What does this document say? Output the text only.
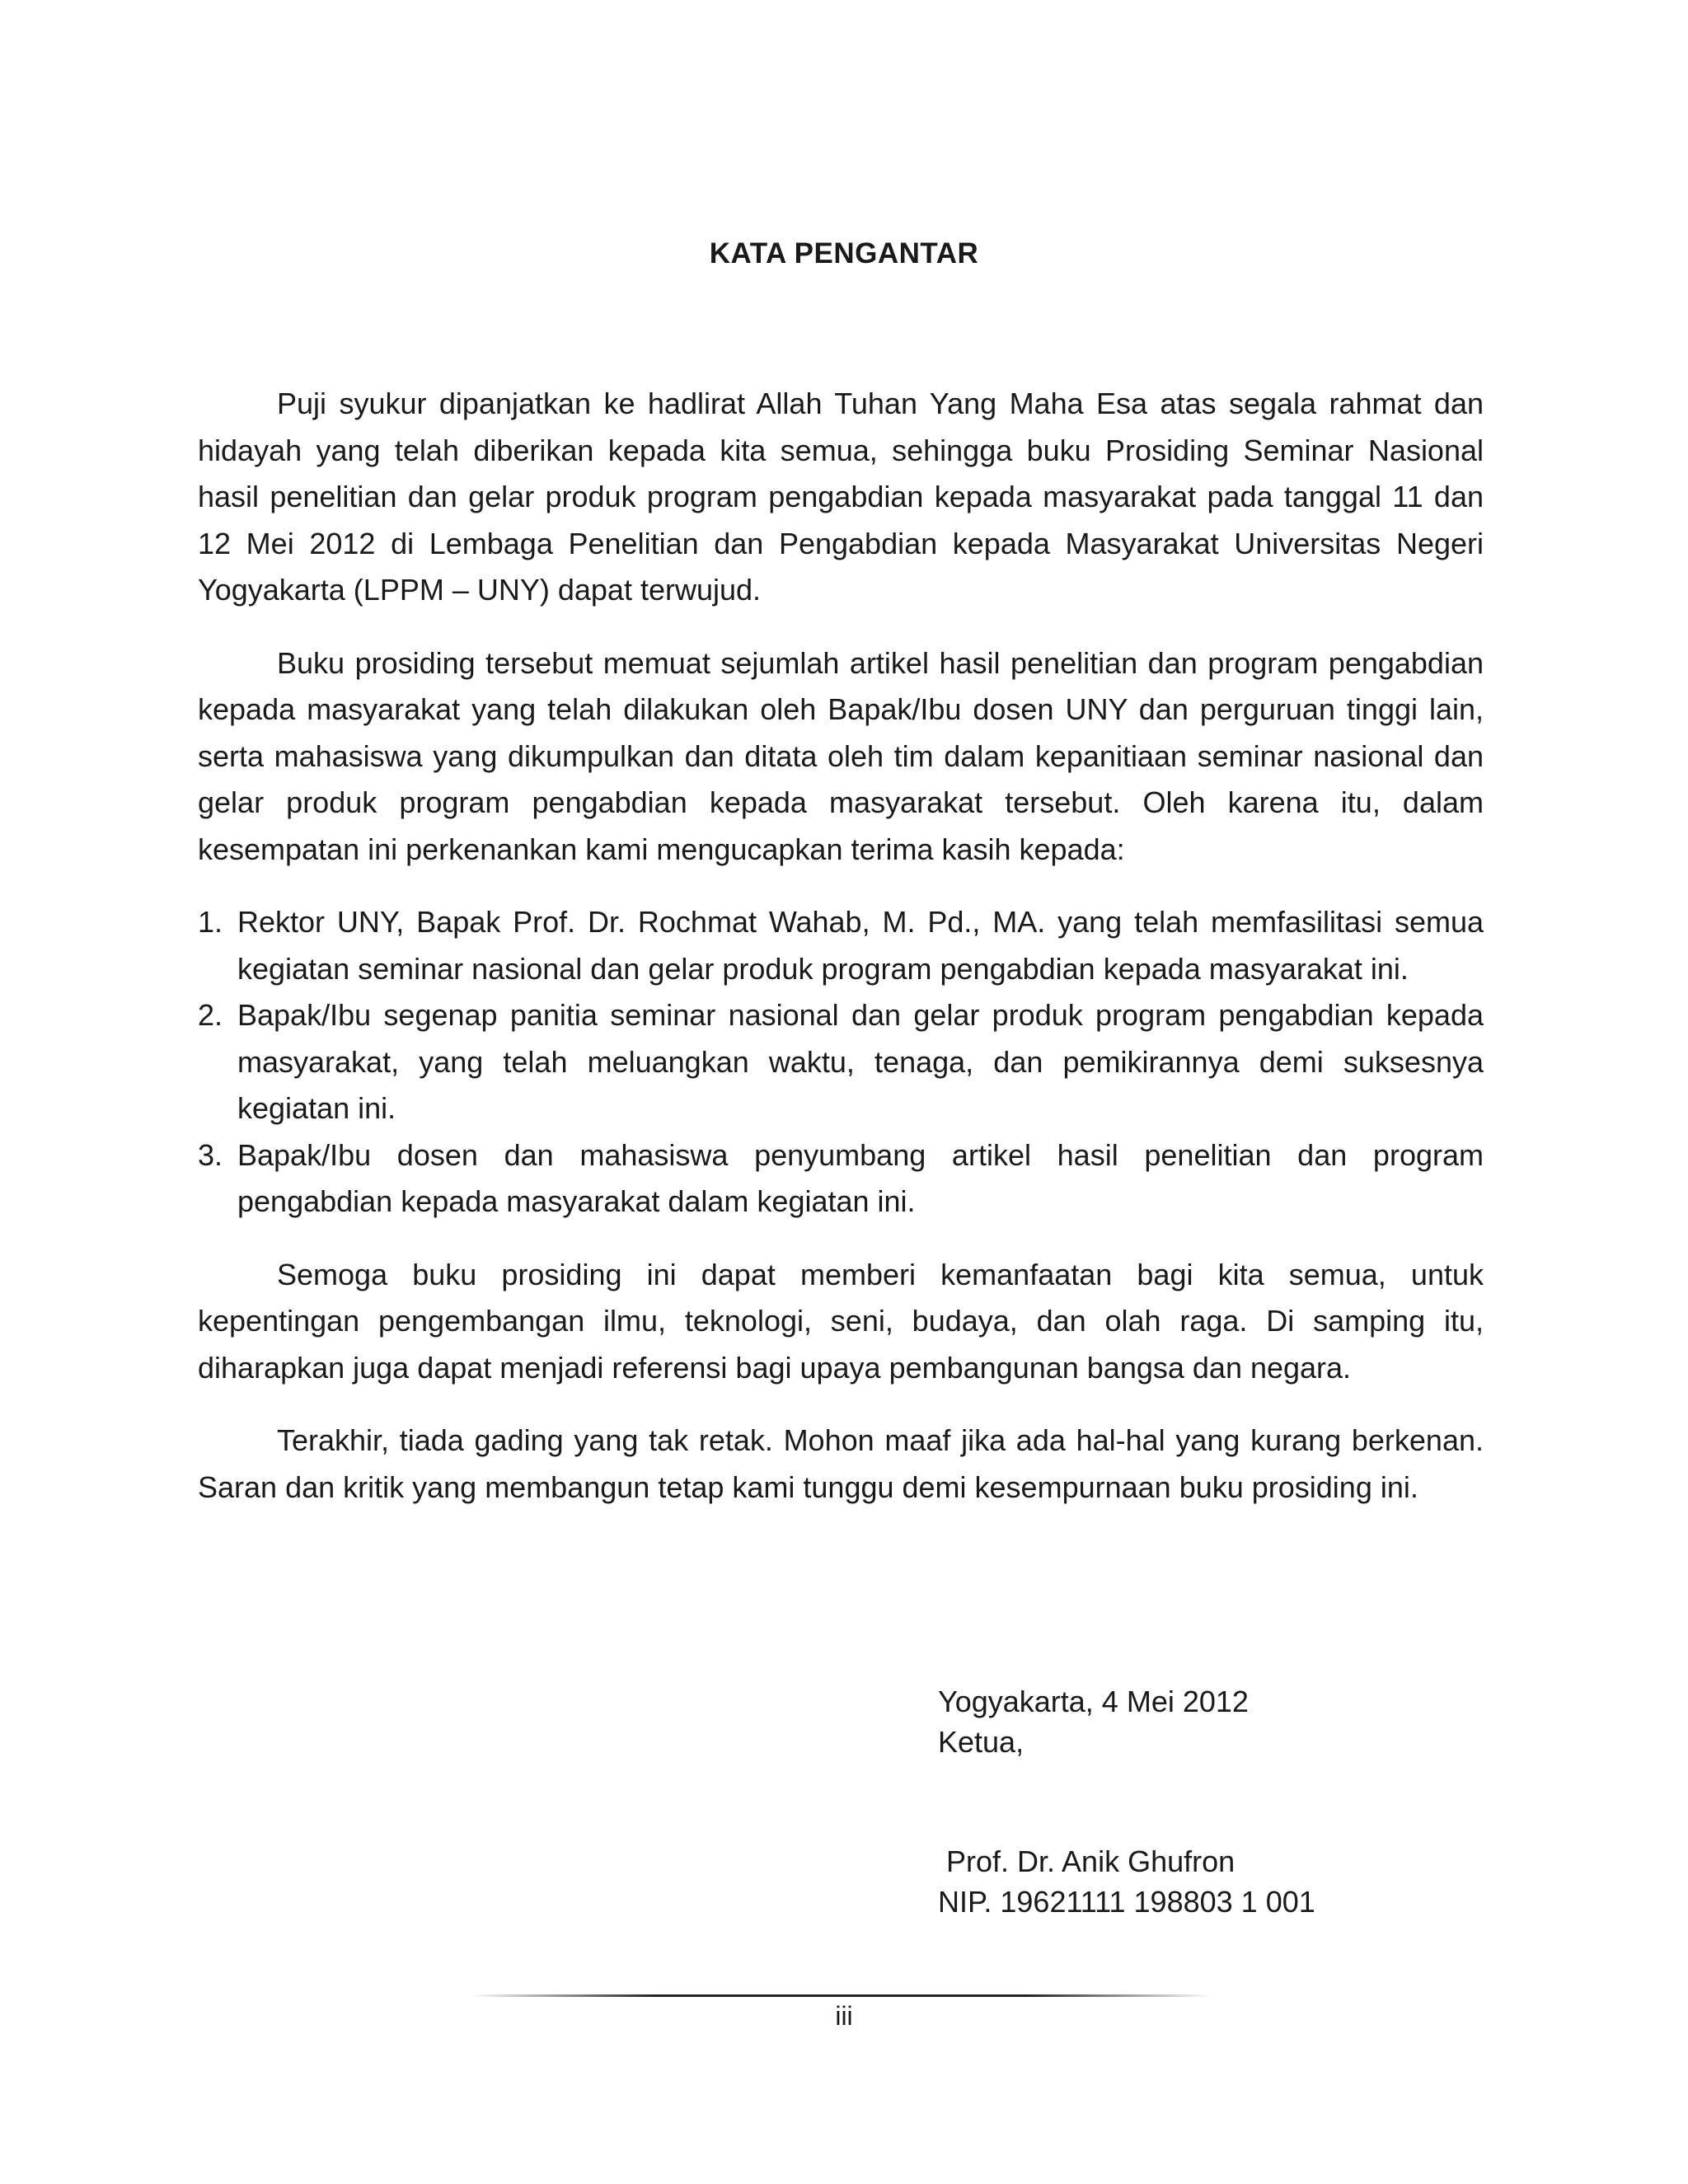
KATA PENGANTAR

Puji syukur dipanjatkan ke hadlirat Allah Tuhan Yang Maha Esa atas segala rahmat dan hidayah yang telah diberikan kepada kita semua, sehingga buku Prosiding Seminar Nasional hasil penelitian dan gelar produk program pengabdian kepada masyarakat pada tanggal 11 dan 12 Mei 2012 di Lembaga Penelitian dan Pengabdian kepada Masyarakat Universitas Negeri Yogyakarta (LPPM – UNY) dapat terwujud.

Buku prosiding tersebut memuat sejumlah artikel hasil penelitian dan program pengabdian kepada masyarakat yang telah dilakukan oleh Bapak/Ibu dosen UNY dan perguruan tinggi lain, serta mahasiswa yang dikumpulkan dan ditata oleh tim dalam kepanitiaan seminar nasional dan gelar produk program pengabdian kepada masyarakat tersebut. Oleh karena itu, dalam kesempatan ini perkenankan kami mengucapkan terima kasih kepada:

1. Rektor UNY, Bapak Prof. Dr. Rochmat Wahab, M. Pd., MA. yang telah memfasilitasi semua kegiatan seminar nasional dan gelar produk program pengabdian kepada masyarakat ini.
2. Bapak/Ibu segenap panitia seminar nasional dan gelar produk program pengabdian kepada masyarakat, yang telah meluangkan waktu, tenaga, dan pemikirannya demi suksesnya kegiatan ini.
3. Bapak/Ibu dosen dan mahasiswa penyumbang artikel hasil penelitian dan program pengabdian kepada masyarakat dalam kegiatan ini.

Semoga buku prosiding ini dapat memberi kemanfaatan bagi kita semua, untuk kepentingan pengembangan ilmu, teknologi, seni, budaya, dan olah raga. Di samping itu, diharapkan juga dapat menjadi referensi bagi upaya pembangunan bangsa dan negara.

Terakhir, tiada gading yang tak retak. Mohon maaf jika ada hal-hal yang kurang berkenan. Saran dan kritik yang membangun tetap kami tunggu demi kesempurnaan buku prosiding ini.

Yogyakarta, 4 Mei 2012
Ketua,
Prof. Dr. Anik Ghufron
NIP. 19621111 198803 1 001
iii
